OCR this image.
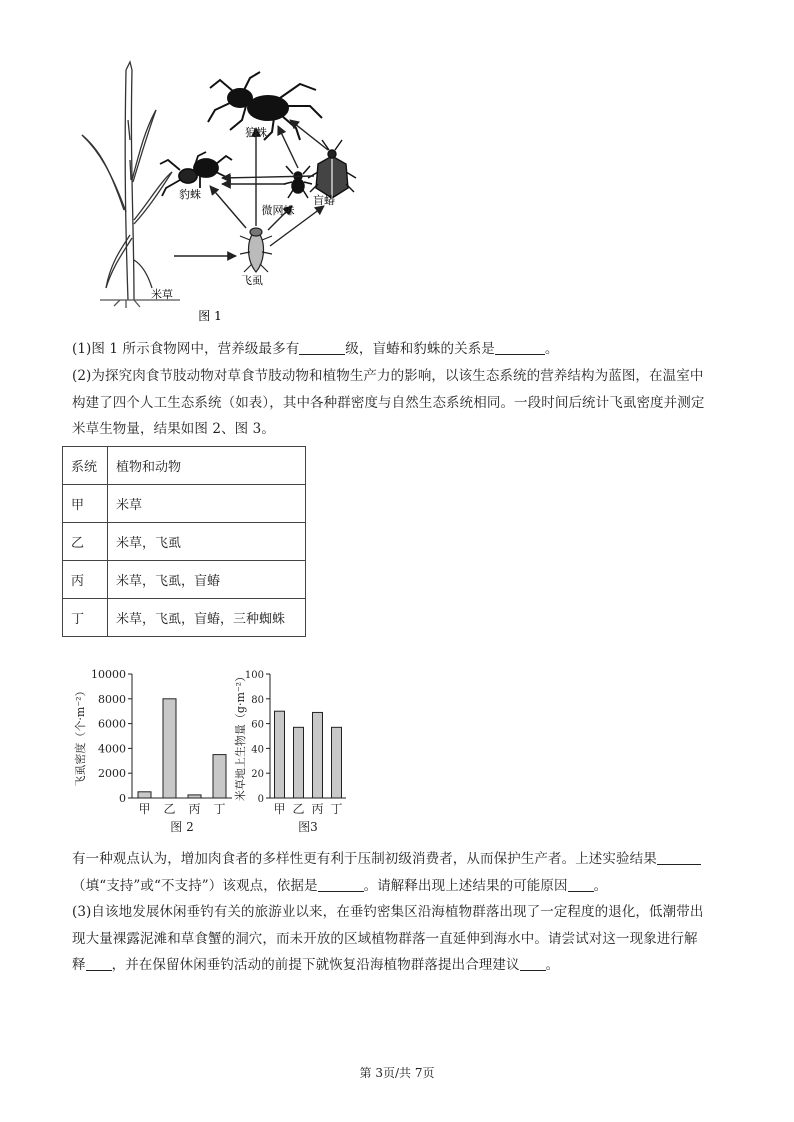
狼蛛
豹蛛
微网蛛
盲蝽
飞虱
米草
图 1
(1)图 1 所示食物网中，营养级最多有	级，盲蝽和豹蛛的关系是	。
(2)为探究肉食节肢动物对草食节肢动物和植物生产力的影响，以该生态系统的营养结构为蓝图，在温室中
构建了四个人工生态系统（如表），其中各种群密度与自然生态系统相同。一段时间后统计飞虱密度并测定
米草生物量，结果如图 2、图 3。
系统	植物和动物
甲	米草
乙	米草，飞虱
丙	米草，飞虱，盲蝽
丁	米草，飞虱，盲蝽，三种蜘蛛
0
2000
4000
6000
8000
10000
甲 乙 丙 丁
图 2
飞虱密度（个·m⁻²）
0
20
40
60
80
100
甲 乙 丙 丁
图3
米草地上生物量（g·m⁻²）
有一种观点认为，增加肉食者的多样性更有利于压制初级消费者，从而保护生产者。上述实验结果
（填“支持”或“不支持”）该观点，依据是	。请解释出现上述结果的可能原因 。
(3)自该地发展休闲垂钓有关的旅游业以来，在垂钓密集区沿海植物群落出现了一定程度的退化，低潮带出
现大量裸露泥滩和草食蟹的洞穴，而未开放的区域植物群落一直延伸到海水中。请尝试对这一现象进行解
释 ，并在保留休闲垂钓活动的前提下就恢复沿海植物群落提出合理建议 。
第 3页/共 7页
